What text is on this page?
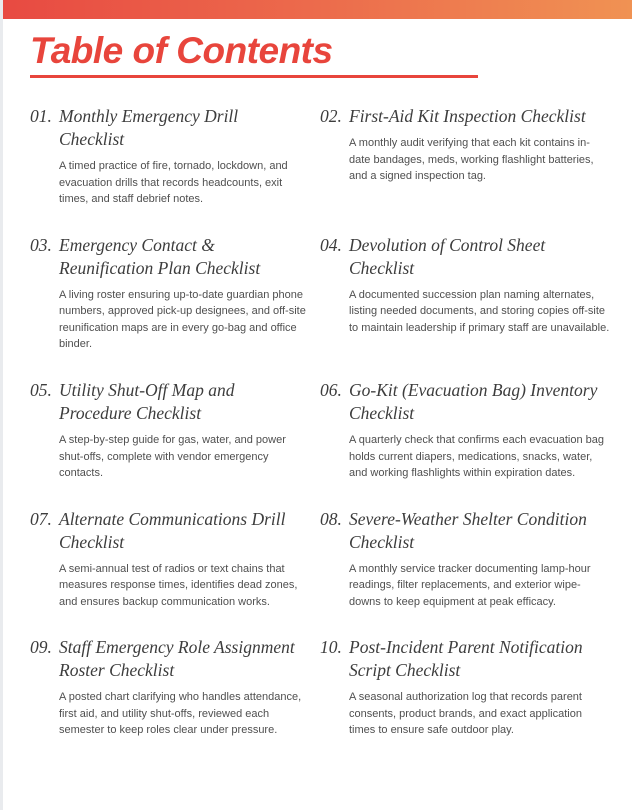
Table of Contents
01. Monthly Emergency Drill Checklist

A timed practice of fire, tornado, lockdown, and evacuation drills that records headcounts, exit times, and staff debrief notes.

02. First-Aid Kit Inspection Checklist

A monthly audit verifying that each kit contains in-date bandages, meds, working flashlight batteries, and a signed inspection tag.

03. Emergency Contact & Reunification Plan Checklist

A living roster ensuring up-to-date guardian phone numbers, approved pick-up designees, and off-site reunification maps are in every go-bag and office binder.

04. Devolution of Control Sheet Checklist

A documented succession plan naming alternates, listing needed documents, and storing copies off-site to maintain leadership if primary staff are unavailable.

05. Utility Shut-Off Map and Procedure Checklist

A step-by-step guide for gas, water, and power shut-offs, complete with vendor emergency contacts.

06. Go-Kit (Evacuation Bag) Inventory Checklist

A quarterly check that confirms each evacuation bag holds current diapers, medications, snacks, water, and working flashlights within expiration dates.

07. Alternate Communications Drill Checklist

A semi-annual test of radios or text chains that measures response times, identifies dead zones, and ensures backup communication works.

08. Severe-Weather Shelter Condition Checklist

A monthly service tracker documenting lamp-hour readings, filter replacements, and exterior wipe-downs to keep equipment at peak efficacy.

09. Staff Emergency Role Assignment Roster Checklist

A posted chart clarifying who handles attendance, first aid, and utility shut-offs, reviewed each semester to keep roles clear under pressure.

10. Post-Incident Parent Notification Script Checklist

A seasonal authorization log that records parent consents, product brands, and exact application times to ensure safe outdoor play.
